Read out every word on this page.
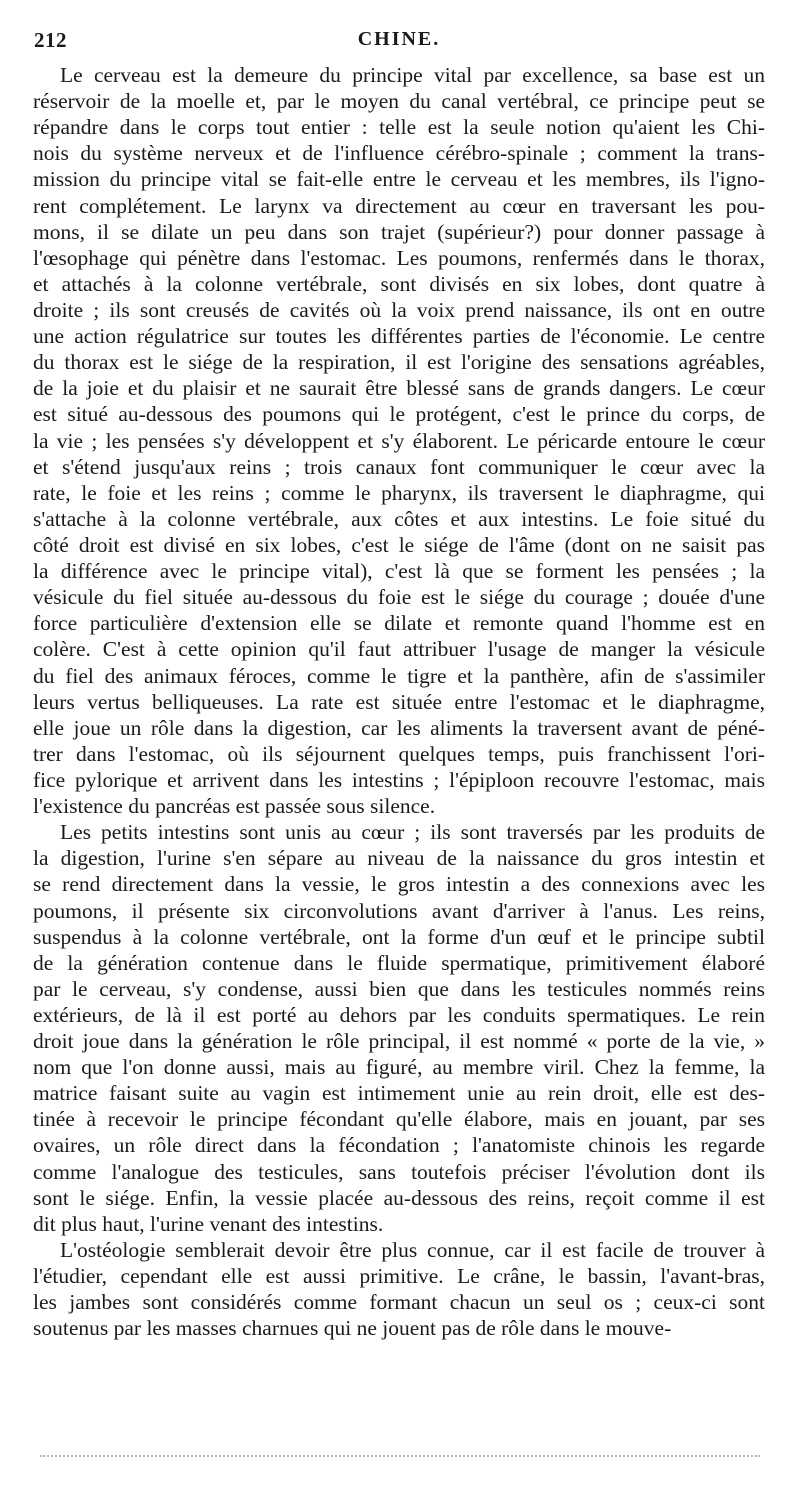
212	CHINE.

Le cerveau est la demeure du principe vital par excellence, sa base est un
réservoir de la moelle et, par le moyen du canal vertébral, ce principe peut se
répandre dans le corps tout entier : telle est la seule notion qu'aient les Chi-
nois du système nerveux et de l'influence cérébro-spinale ; comment la trans-
mission du principe vital se fait-elle entre le cerveau et les membres, ils l'igno-
rent complétement. Le larynx va directement au cœur en traversant les pou-
mons, il se dilate un peu dans son trajet (supérieur?) pour donner passage à
l'œsophage qui pénètre dans l'estomac. Les poumons, renfermés dans le thorax,
et attachés à la colonne vertébrale, sont divisés en six lobes, dont quatre à
droite ; ils sont creusés de cavités où la voix prend naissance, ils ont en outre
une action régulatrice sur toutes les différentes parties de l'économie. Le centre
du thorax est le siége de la respiration, il est l'origine des sensations agréables,
de la joie et du plaisir et ne saurait être blessé sans de grands dangers. Le cœur
est situé au-dessous des poumons qui le protégent, c'est le prince du corps, de
la vie ; les pensées s'y développent et s'y élaborent. Le péricarde entoure le cœur
et s'étend jusqu'aux reins ; trois canaux font communiquer le cœur avec la
rate, le foie et les reins ; comme le pharynx, ils traversent le diaphragme, qui
s'attache à la colonne vertébrale, aux côtes et aux intestins. Le foie situé du
côté droit est divisé en six lobes, c'est le siége de l'âme (dont on ne saisit pas
la différence avec le principe vital), c'est là que se forment les pensées ; la
vésicule du fiel située au-dessous du foie est le siége du courage ; douée d'une
force particulière d'extension elle se dilate et remonte quand l'homme est en
colère. C'est à cette opinion qu'il faut attribuer l'usage de manger la vésicule
du fiel des animaux féroces, comme le tigre et la panthère, afin de s'assimiler
leurs vertus belliqueuses. La rate est située entre l'estomac et le diaphragme,
elle joue un rôle dans la digestion, car les aliments la traversent avant de péné-
trer dans l'estomac, où ils séjournent quelques temps, puis franchissent l'ori-
fice pylorique et arrivent dans les intestins ; l'épiploon recouvre l'estomac, mais
l'existence du pancréas est passée sous silence.

Les petits intestins sont unis au cœur ; ils sont traversés par les produits de
la digestion, l'urine s'en sépare au niveau de la naissance du gros intestin et
se rend directement dans la vessie, le gros intestin a des connexions avec les
poumons, il présente six circonvolutions avant d'arriver à l'anus. Les reins,
suspendus à la colonne vertébrale, ont la forme d'un œuf et le principe subtil
de la génération contenue dans le fluide spermatique, primitivement élaboré
par le cerveau, s'y condense, aussi bien que dans les testicules nommés reins
extérieurs, de là il est porté au dehors par les conduits spermatiques. Le rein
droit joue dans la génération le rôle principal, il est nommé « porte de la vie, »
nom que l'on donne aussi, mais au figuré, au membre viril. Chez la femme, la
matrice faisant suite au vagin est intimement unie au rein droit, elle est des-
tinée à recevoir le principe fécondant qu'elle élabore, mais en jouant, par ses
ovaires, un rôle direct dans la fécondation ; l'anatomiste chinois les regarde
comme l'analogue des testicules, sans toutefois préciser l'évolution dont ils
sont le siége. Enfin, la vessie placée au-dessous des reins, reçoit comme il est
dit plus haut, l'urine venant des intestins.

L'ostéologie semblerait devoir être plus connue, car il est facile de trouver à
l'étudier, cependant elle est aussi primitive. Le crâne, le bassin, l'avant-bras,
les jambes sont considérés comme formant chacun un seul os ; ceux-ci sont
soutenus par les masses charnues qui ne jouent pas de rôle dans le mouve-
